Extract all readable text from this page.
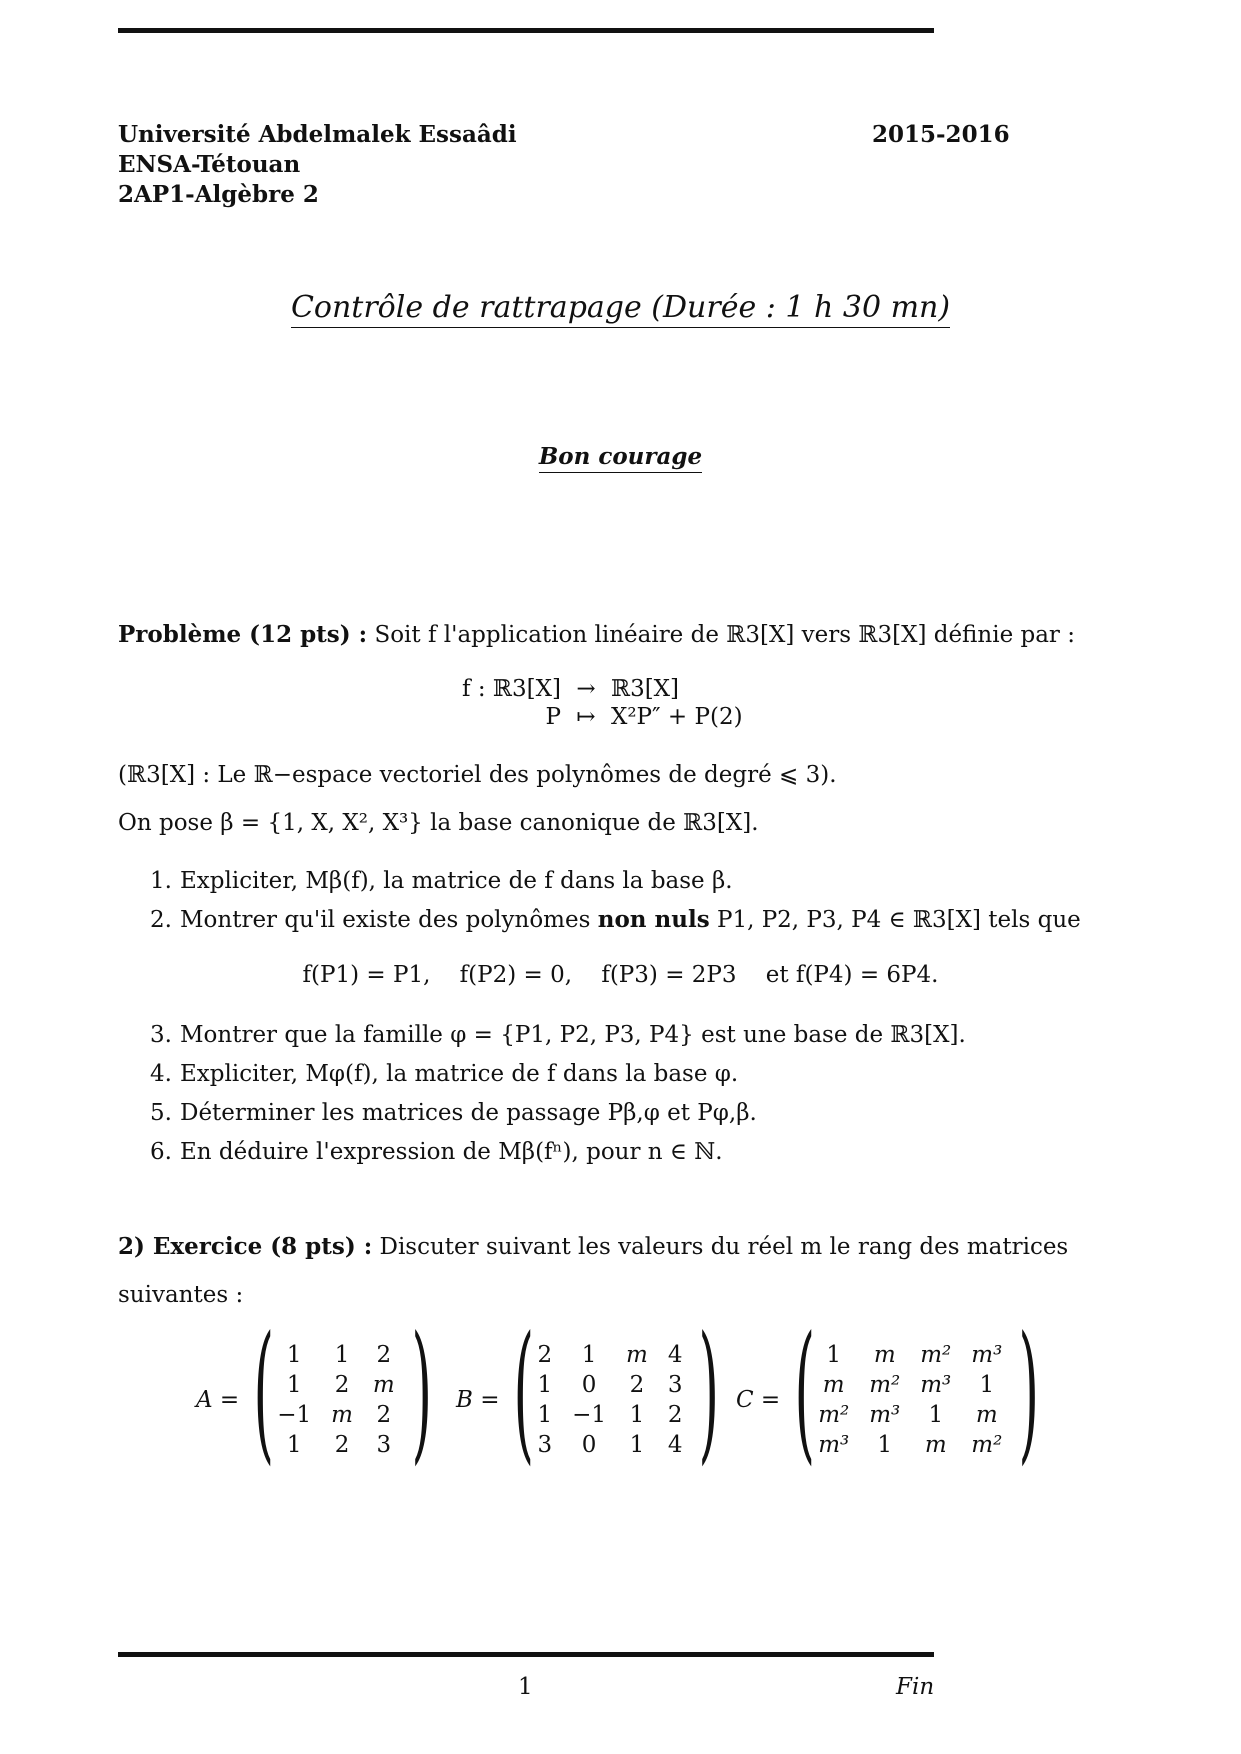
Université Abdelmalek Essaâdi
ENSA-Tétouan
2AP1-Algèbre 2
2015-2016
Contrôle de rattrapage (Durée : 1 h 30 mn)
Bon courage
Problème (12 pts) : Soit f l'application linéaire de ℝ3[X] vers ℝ3[X] définie par :
f : ℝ3[X] → ℝ3[X]
P ↦ X²P″ + P(2)
(ℝ3[X] : Le ℝ−espace vectoriel des polynômes de degré ⩽ 3).
On pose β = {1, X, X², X³} la base canonique de ℝ3[X].
1. Expliciter, Mβ(f), la matrice de f dans la base β.
2. Montrer qu'il existe des polynômes non nuls P1, P2, P3, P4 ∈ ℝ3[X] tels que
f(P1) = P1,    f(P2) = 0,    f(P3) = 2P3    et f(P4) = 6P4.
3. Montrer que la famille φ = {P1, P2, P3, P4} est une base de ℝ3[X].
4. Expliciter, Mφ(f), la matrice de f dans la base φ.
5. Déterminer les matrices de passage Pβ,φ et Pφ,β.
6. En déduire l'expression de Mβ(fⁿ), pour n ∈ ℕ.
2) Exercice (8 pts) : Discuter suivant les valeurs du réel m le rang des matrices
suivantes :
A = ( 1	1	2
1	2	m
−1	m	2
1	2	3 ) B = ( 2	1	m	4
1	0	2	3
1	−1	1	2
3	0	1	4 ) C = ( 1	m	m²	m³
m	m²	m³	1
m²	m³	1	m
m³	1	m	m² )
1	Fin
